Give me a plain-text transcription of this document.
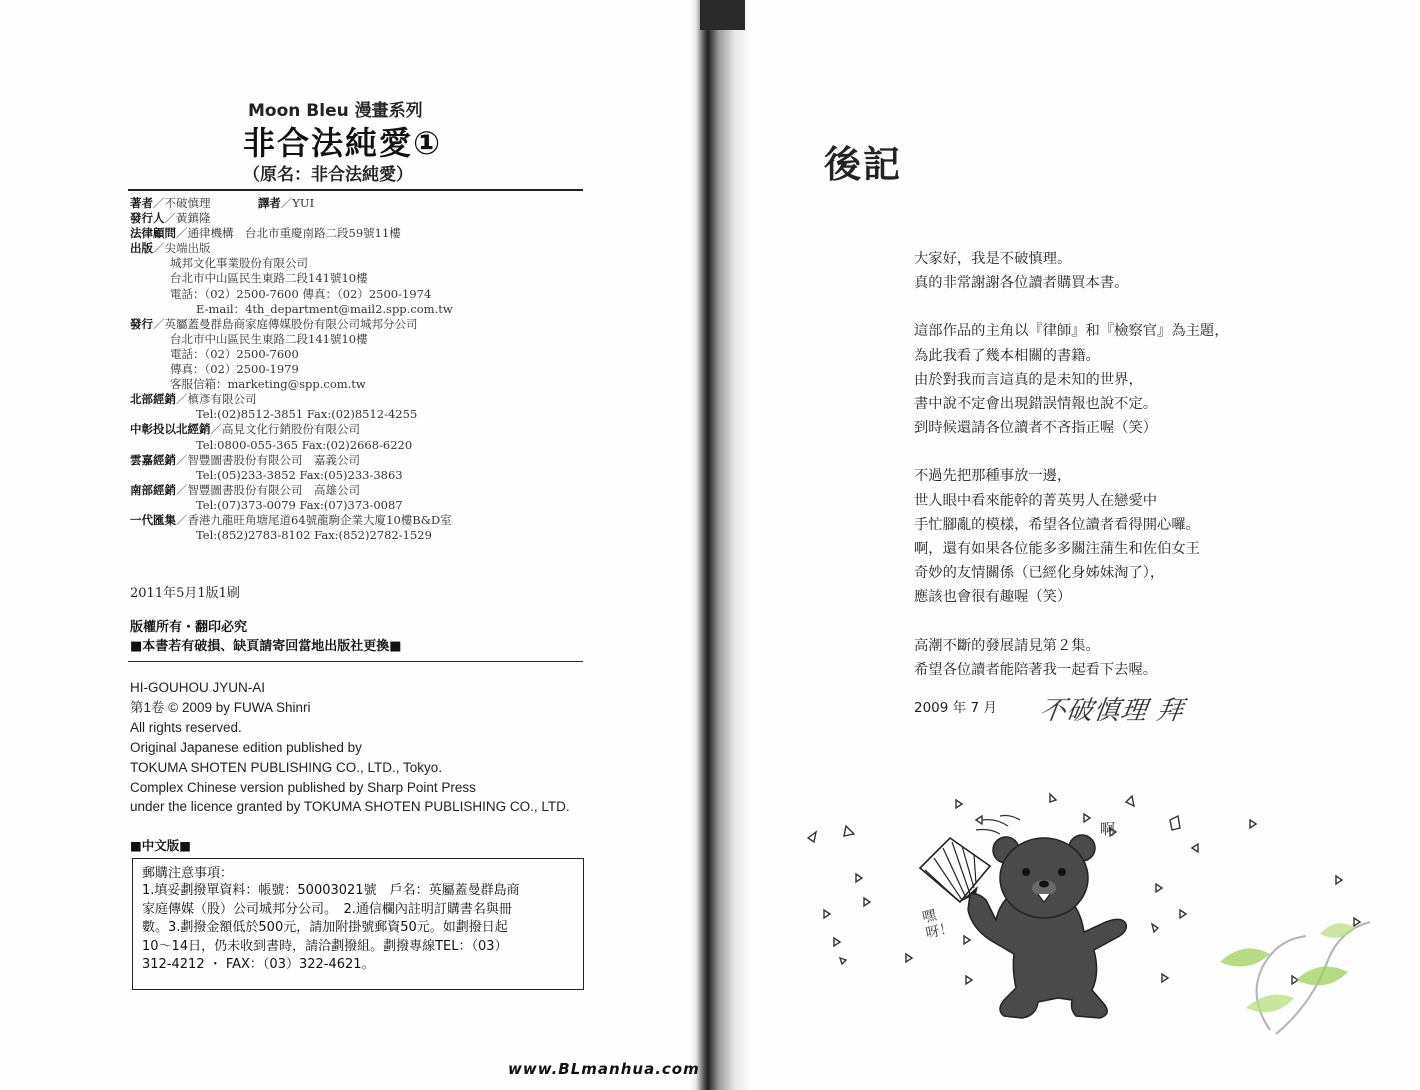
Moon Bleu 漫畫系列
非合法純愛①
（原名：非合法純愛）
著者／不破慎理	譯者／YUI
發行人／黃鎮隆
法律顧問／通律機構　台北市重慶南路二段59號11樓
出版／尖端出版
城邦文化事業股份有限公司
台北市中山區民生東路二段141號10樓
電話：（02）2500-7600 傳真：（02）2500-1974
E-mail：4th_department@mail2.spp.com.tw
發行／英屬蓋曼群島商家庭傳媒股份有限公司城邦分公司
台北市中山區民生東路二段141號10樓
電話：（02）2500-7600
傳真：（02）2500-1979
客服信箱：marketing@spp.com.tw
北部經銷／槙彥有限公司
Tel:(02)8512-3851 Fax:(02)8512-4255
中彰投以北經銷／高見文化行銷股份有限公司
Tel:0800-055-365 Fax:(02)2668-6220
雲嘉經銷／智豐圖書股份有限公司　嘉義公司
Tel:(05)233-3852 Fax:(05)233-3863
南部經銷／智豐圖書股份有限公司　高雄公司
Tel:(07)373-0079 Fax:(07)373-0087
一代匯集／香港九龍旺角塘尾道64號龍駒企業大廈10樓B&D室
Tel:(852)2783-8102 Fax:(852)2782-1529
2011年5月1版1刷
版權所有・翻印必究
■本書若有破損、缺頁請寄回當地出版社更換■
HI-GOUHOU JYUN-AI
第1卷 © 2009 by FUWA Shinri
All rights reserved.
Original Japanese edition published by
TOKUMA SHOTEN PUBLISHING CO., LTD., Tokyo.
Complex Chinese version published by Sharp Point Press
under the licence granted by TOKUMA SHOTEN PUBLISHING CO., LTD.
■中文版■
郵購注意事項：
1.填妥劃撥單資料：帳號：50003021號　戶名：英屬蓋曼群島商
家庭傳媒（股）公司城邦分公司。　2.通信欄內註明訂購書名與冊
數。3.劃撥金額低於500元，請加附掛號郵資50元。如劃撥日起
10～14日，仍未收到書時，請洽劃撥組。劃撥專線TEL：（03）
312-4212 ・ FAX：（03）322-4621。
後記
大家好，我是不破慎理。
真的非常謝謝各位讀者購買本書。
這部作品的主角以『律師』和『檢察官』為主題，
為此我看了幾本相關的書籍。
由於對我而言這真的是未知的世界，
書中說不定會出現錯誤情報也說不定。
到時候還請各位讀者不吝指正喔（笑）
不過先把那種事放一邊，
世人眼中看來能幹的菁英男人在戀愛中
手忙腳亂的模樣，希望各位讀者看得開心囉。
啊，還有如果各位能多多關注蒲生和佐伯女王
奇妙的友情關係（已經化身姊妹淘了），
應該也會很有趣喔（笑）
高潮不斷的發展請見第２集。
希望各位讀者能陪著我一起看下去喔。
2009 年 7 月 不破慎理 拜
啊
嘿呀！
www.BLmanhua.com
